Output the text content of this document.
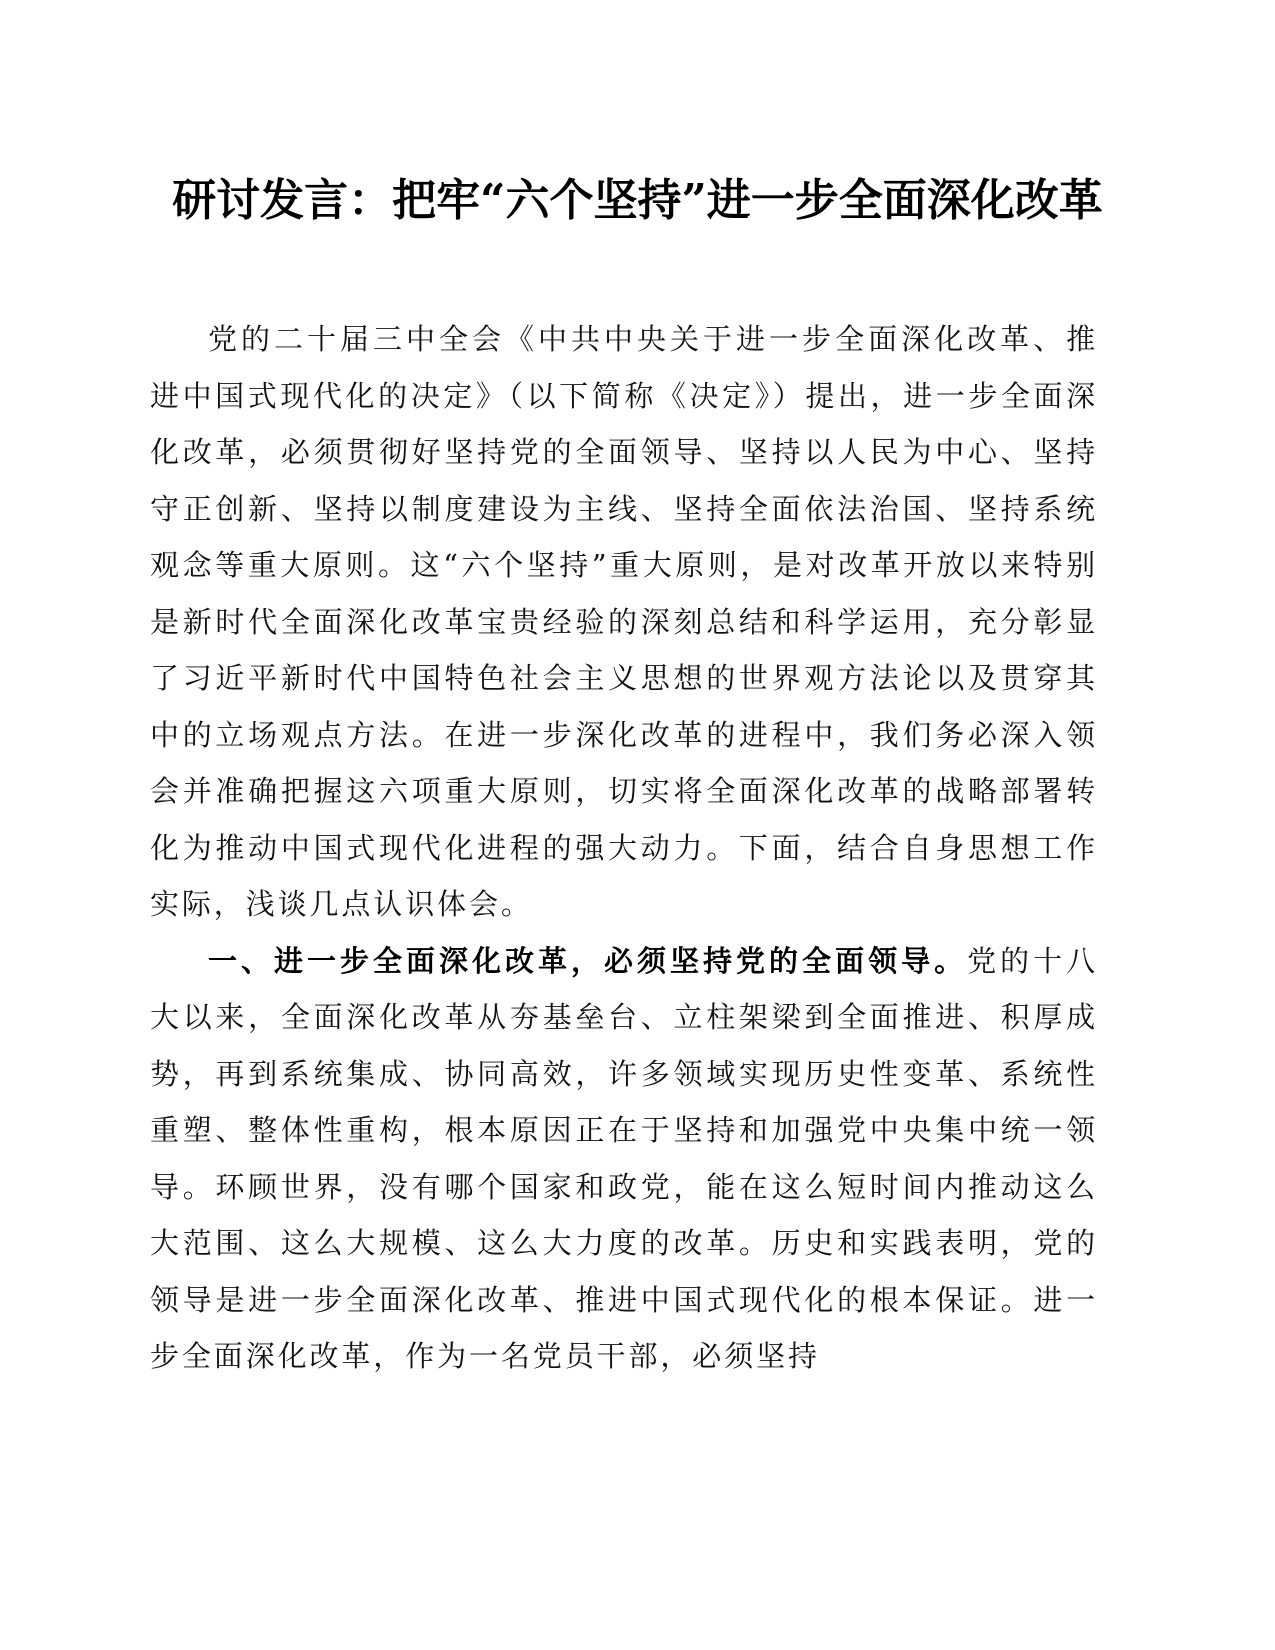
研讨发言：把牢“六个坚持”进一步全面深化改革

党的二十届三中全会《中共中央关于进一步全面深化改革、推进中国式现代化的决定》（以下简称《决定》）提出，进一步全面深化改革，必须贯彻好坚持党的全面领导、坚持以人民为中心、坚持守正创新、坚持以制度建设为主线、坚持全面依法治国、坚持系统观念等重大原则。这“六个坚持”重大原则，是对改革开放以来特别是新时代全面深化改革宝贵经验的深刻总结和科学运用，充分彰显了习近平新时代中国特色社会主义思想的世界观方法论以及贯穿其中的立场观点方法。在进一步深化改革的进程中，我们务必深入领会并准确把握这六项重大原则，切实将全面深化改革的战略部署转化为推动中国式现代化进程的强大动力。下面，结合自身思想工作实际，浅谈几点认识体会。

一、进一步全面深化改革，必须坚持党的全面领导。党的十八大以来，全面深化改革从夯基垒台、立柱架梁到全面推进、积厚成势，再到系统集成、协同高效，许多领域实现历史性变革、系统性重塑、整体性重构，根本原因正在于坚持和加强党中央集中统一领导。环顾世界，没有哪个国家和政党，能在这么短时间内推动这么大范围、这么大规模、这么大力度的改革。历史和实践表明，党的领导是进一步全面深化改革、推进中国式现代化的根本保证。进一步全面深化改革，作为一名党员干部，必须坚持
